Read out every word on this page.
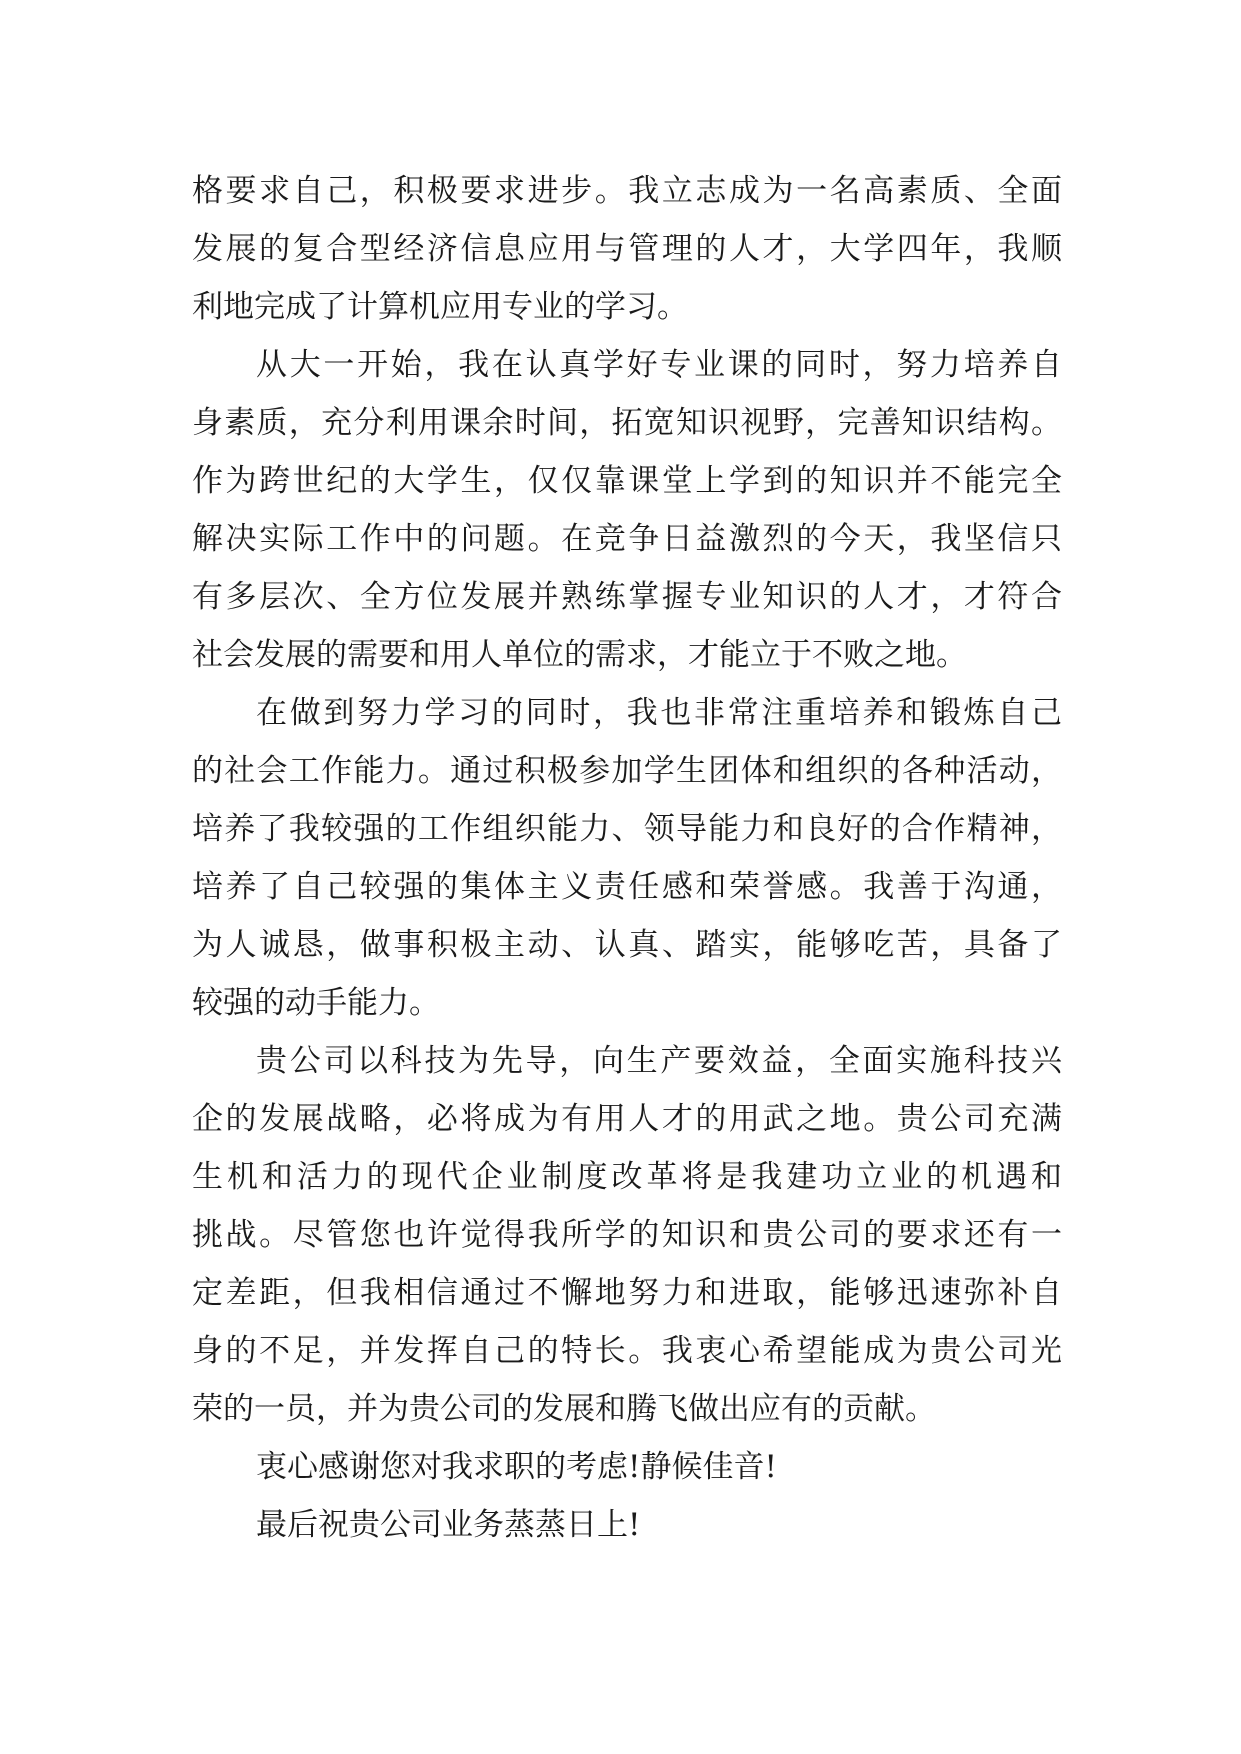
格要求自己，积极要求进步。我立志成为一名高素质、全面
发展的复合型经济信息应用与管理的人才，大学四年，我顺
利地完成了计算机应用专业的学习。
从大一开始，我在认真学好专业课的同时，努力培养自
身素质，充分利用课余时间，拓宽知识视野，完善知识结构。
作为跨世纪的大学生，仅仅靠课堂上学到的知识并不能完全
解决实际工作中的问题。在竞争日益激烈的今天，我坚信只
有多层次、全方位发展并熟练掌握专业知识的人才，才符合
社会发展的需要和用人单位的需求，才能立于不败之地。
在做到努力学习的同时，我也非常注重培养和锻炼自己
的社会工作能力。通过积极参加学生团体和组织的各种活动，
培养了我较强的工作组织能力、领导能力和良好的合作精神，
培养了自己较强的集体主义责任感和荣誉感。我善于沟通，
为人诚恳，做事积极主动、认真、踏实，能够吃苦，具备了
较强的动手能力。
贵公司以科技为先导，向生产要效益，全面实施科技兴
企的发展战略，必将成为有用人才的用武之地。贵公司充满
生机和活力的现代企业制度改革将是我建功立业的机遇和
挑战。尽管您也许觉得我所学的知识和贵公司的要求还有一
定差距，但我相信通过不懈地努力和进取，能够迅速弥补自
身的不足，并发挥自己的特长。我衷心希望能成为贵公司光
荣的一员，并为贵公司的发展和腾飞做出应有的贡献。
衷心感谢您对我求职的考虑!静候佳音!
最后祝贵公司业务蒸蒸日上!
